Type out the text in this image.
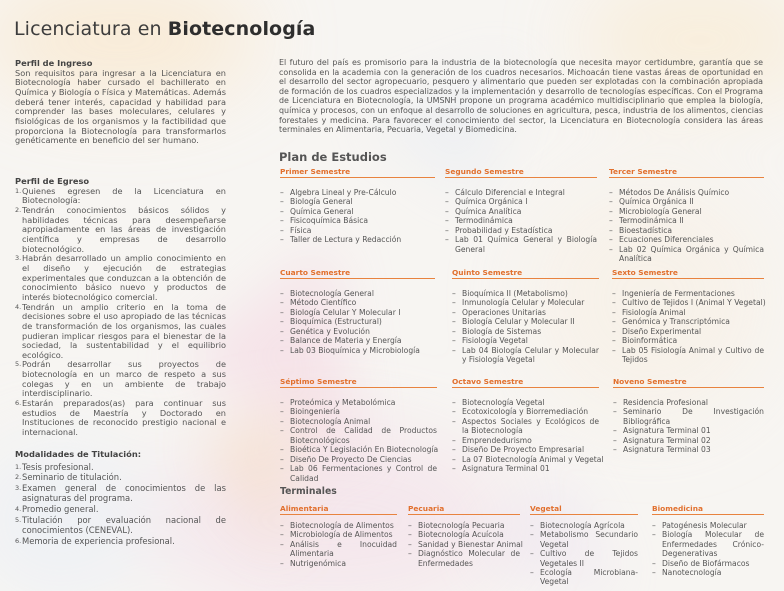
Licenciatura en Biotecnología
Perfil de Ingreso
Son requisitos para ingresar a la Licenciatura en Biotecnología haber cursado el bachillerato en Química y Biología o Física y Matemáticas. Además deberá tener interés, capacidad y habilidad para comprender las bases moleculares, celulares y fisiológicas de los organismos y la factibilidad que proporciona la Biotecnología para transformarlos genéticamente en beneficio del ser humano.
Perfil de Egreso
1. Quienes egresen de la Licenciatura en Biotecnología:
2. Tendrán conocimientos básicos sólidos y habilidades técnicas para desempeñarse apropiadamente en las áreas de investigación científica y empresas de desarrollo biotecnológico.
3. Habrán desarrollado un amplio conocimiento en el diseño y ejecución de estrategias experimentales que conduzcan a la obtención de conocimiento básico nuevo y productos de interés biotecnológico comercial.
4. Tendrán un amplio criterio en la toma de decisiones sobre el uso apropiado de las técnicas de transformación de los organismos, las cuales pudieran implicar riesgos para el bienestar de la sociedad, la sustentabilidad y el equilibrio ecológico.
5. Podrán desarrollar sus proyectos de biotecnología en un marco de respeto a sus colegas y en un ambiente de trabajo interdisciplinario.
6. Estarán preparados(as) para continuar sus estudios de Maestría y Doctorado en Instituciones de reconocido prestigio nacional e internacional.
Modalidades de Titulación:
1. Tesis profesional.
2. Seminario de titulación.
3. Examen general de conocimientos de las asignaturas del programa.
4. Promedio general.
5. Titulación por evaluación nacional de conocimientos (CENEVAL).
6. Memoria de experiencia profesional.
El futuro del país es promisorio para la industria de la biotecnología que necesita mayor certidumbre, garantía que se consolida en la academia con la generación de los cuadros necesarios. Michoacán tiene vastas áreas de oportunidad en el desarrollo del sector agropecuario, pesquero y alimentario que pueden ser explotadas con la combinación apropiada de formación de los cuadros especializados y la implementación y desarrollo de tecnologías específicas. Con el Programa de Licenciatura en Biotecnología, la UMSNH propone un programa académico multidisciplinario que emplea la biología, química y procesos, con un enfoque al desarrollo de soluciones en agricultura, pesca, industria de los alimentos, ciencias forestales y medicina. Para favorecer el conocimiento del sector, la Licenciatura en Biotecnología considera las áreas terminales en Alimentaria, Pecuaria, Vegetal y Biomedicina.
Plan de Estudios
Primer Semestre
– Algebra Lineal y Pre-Cálculo
– Biología General
– Química General
– Fisicoquímica Básica
– Física
– Taller de Lectura y Redacción
Segundo Semestre
– Cálculo Diferencial e Integral
– Química Orgánica I
– Química Analítica
– Termodinámica
– Probabilidad y Estadística
– Lab 01 Química General y Biología General
Tercer Semestre
– Métodos De Análisis Químico
– Química Orgánica II
– Microbiología General
– Termodinámica II
– Bioestadística
– Ecuaciones Diferenciales
– Lab 02 Química Orgánica y Química Analítica
Cuarto Semestre
– Biotecnología General
– Método Científico
– Biología Celular Y Molecular I
– Bioquímica (Estructural)
– Genética y Evolución
– Balance de Materia y Energía
– Lab 03 Bioquímica y Microbiología
Quinto Semestre
– Bioquímica II (Metabolismo)
– Inmunología Celular y Molecular
– Operaciones Unitarias
– Biología Celular y Molecular II
– Biología de Sistemas
– Fisiología Vegetal
– Lab 04 Biología Celular y Molecular y Fisiología Vegetal
Sexto Semestre
– Ingeniería de Fermentaciones
– Cultivo de Tejidos I (Animal Y Vegetal)
– Fisiología Animal
– Genómica y Transcriptómica
– Diseño Experimental
– Bioinformática
– Lab 05 Fisiología Animal y Cultivo de Tejidos
Séptimo Semestre
– Proteómica y Metabolómica
– Bioingeniería
– Biotecnología Animal
– Control de Calidad de Productos Biotecnológicos
– Bioética Y Legislación En Biotecnología
– Diseño De Proyecto De Ciencias
– Lab 06 Fermentaciones y Control de Calidad
Octavo Semestre
– Biotecnología Vegetal
– Ecotoxicología y Biorremediación
– Aspectos Sociales y Ecológicos de la Biotecnología
– Emprendedurismo
– Diseño De Proyecto Empresarial
– La 07 Biotecnología Animal y Vegetal
– Asignatura Terminal 01
Noveno Semestre
– Residencia Profesional
– Seminario De Investigación Bibliográfica
– Asignatura Terminal 01
– Asignatura Terminal 02
– Asignatura Terminal 03
Terminales
Alimentaria
– Biotecnología de Alimentos
– Microbiología de Alimentos
– Análisis e Inocuidad Alimentaria
– Nutrigenómica
Pecuaria
– Biotecnología Pecuaria
– Biotecnología Acuícola
– Sanidad y Bienestar Animal
– Diagnóstico Molecular de Enfermedades
Vegetal
– Biotecnología Agrícola
– Metabolismo Secundario Vegetal
– Cultivo de Tejidos Vegetales II
– Ecología Microbiana-Vegetal
Biomedicina
– Patogénesis Molecular
– Biología Molecular de Enfermedades Crónico-Degenerativas
– Diseño de Biofármacos
– Nanotecnología
